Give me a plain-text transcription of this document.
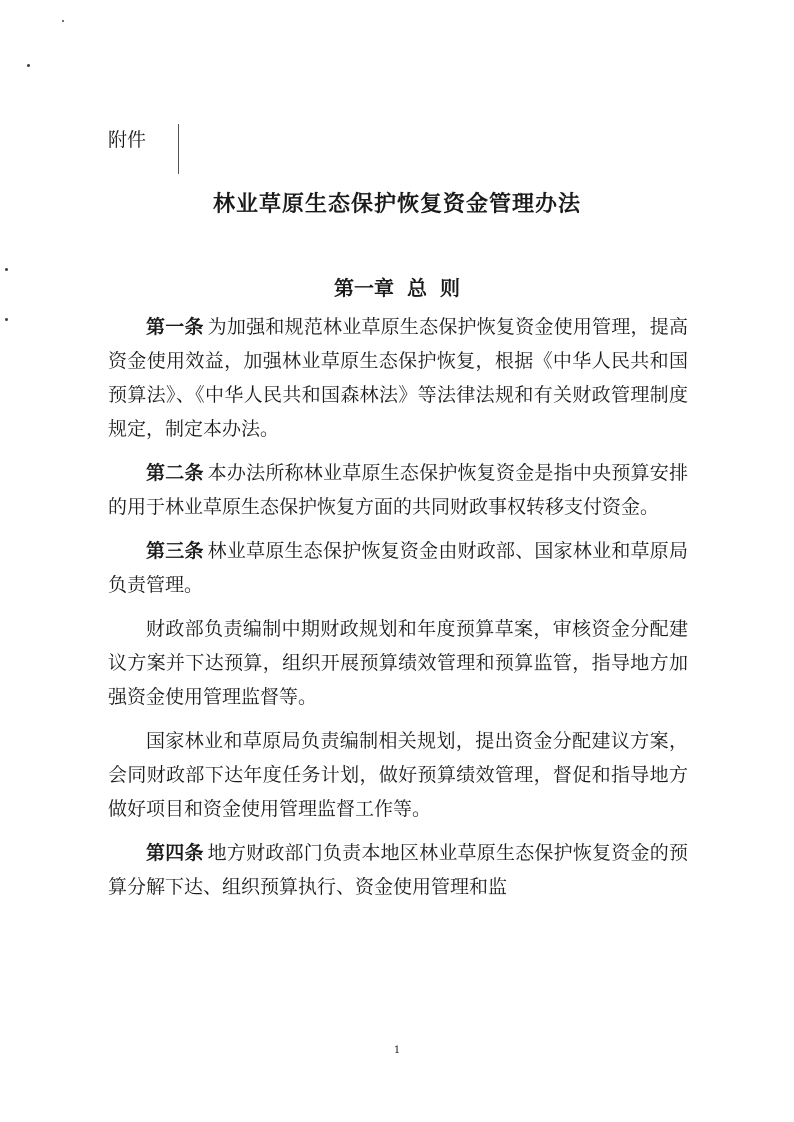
附件
林业草原生态保护恢复资金管理办法
第一章 总 则

第一条 为加强和规范林业草原生态保护恢复资金使用管理，提高资金使用效益，加强林业草原生态保护恢复，根据《中华人民共和国预算法》、《中华人民共和国森林法》等法律法规和有关财政管理制度规定，制定本办法。

第二条 本办法所称林业草原生态保护恢复资金是指中央预算安排的用于林业草原生态保护恢复方面的共同财政事权转移支付资金。

第三条 林业草原生态保护恢复资金由财政部、国家林业和草原局负责管理。

财政部负责编制中期财政规划和年度预算草案，审核资金分配建议方案并下达预算，组织开展预算绩效管理和预算监管，指导地方加强资金使用管理监督等。

国家林业和草原局负责编制相关规划，提出资金分配建议方案，会同财政部下达年度任务计划，做好预算绩效管理，督促和指导地方做好项目和资金使用管理监督工作等。

第四条 地方财政部门负责本地区林业草原生态保护恢复资金的预算分解下达、组织预算执行、资金使用管理和监

1
